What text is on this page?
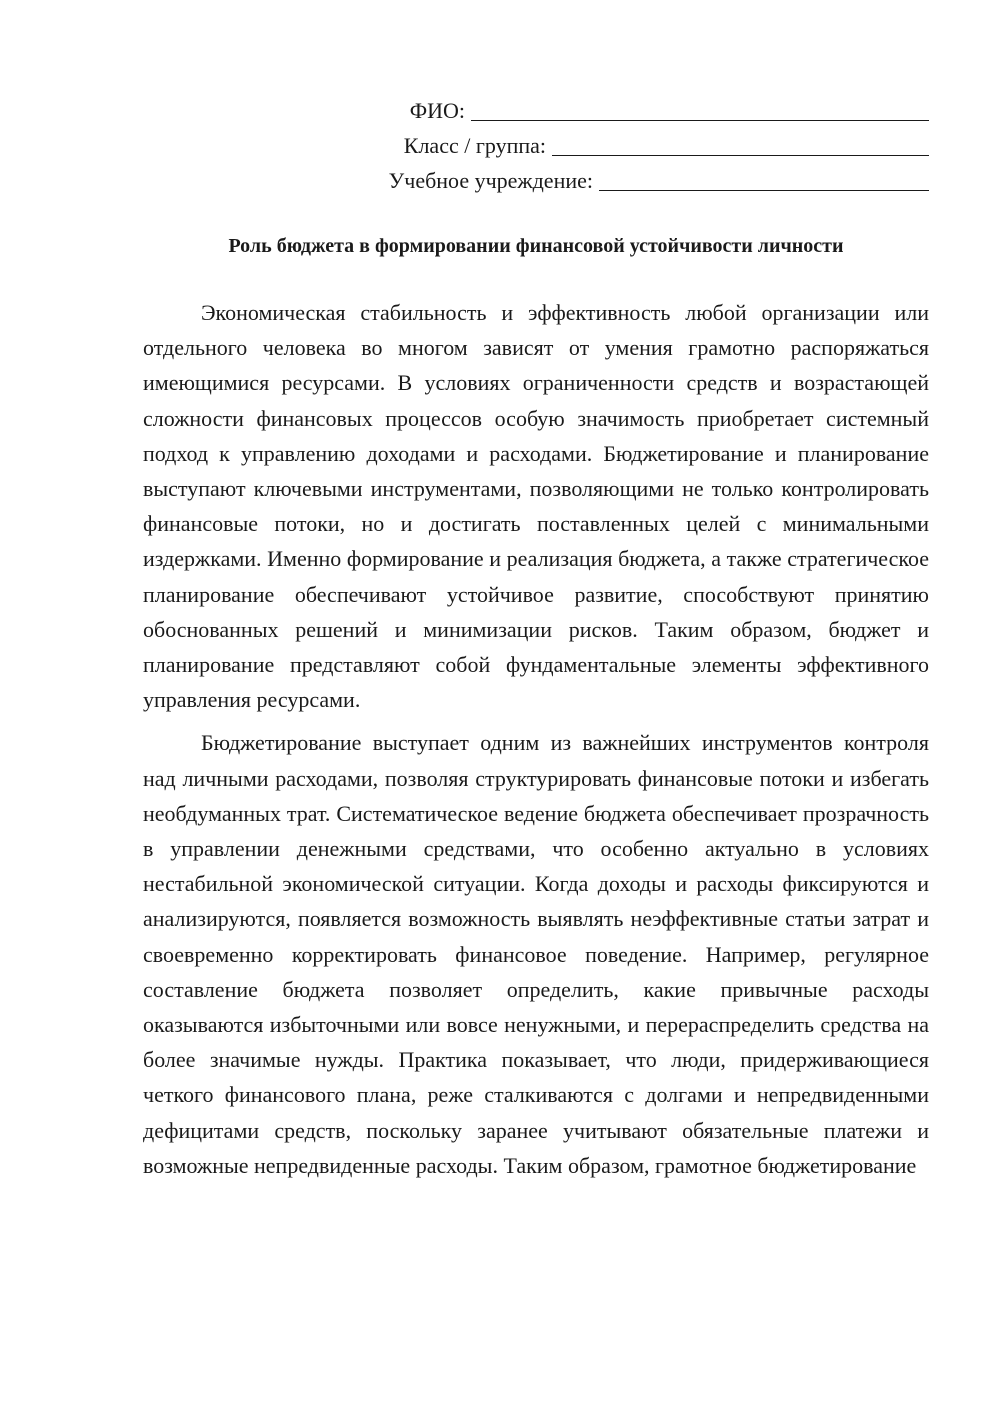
ФИО:
Класс / группа:
Учебное учреждение:
Роль бюджета в формировании финансовой устойчивости личности

Экономическая стабильность и эффективность любой организации или отдельного человека во многом зависят от умения грамотно распоряжаться имеющимися ресурсами. В условиях ограниченности средств и возрастающей сложности финансовых процессов особую значимость приобретает системный подход к управлению доходами и расходами. Бюджетирование и планирование выступают ключевыми инструментами, позволяющими не только контролировать финансовые потоки, но и достигать поставленных целей с минимальными издержками. Именно формирование и реализация бюджета, а также стратегическое планирование обеспечивают устойчивое развитие, способствуют принятию обоснованных решений и минимизации рисков. Таким образом, бюджет и планирование представляют собой фундаментальные элементы эффективного управления ресурсами.

Бюджетирование выступает одним из важнейших инструментов контроля над личными расходами, позволяя структурировать финансовые потоки и избегать необдуманных трат. Систематическое ведение бюджета обеспечивает прозрачность в управлении денежными средствами, что особенно актуально в условиях нестабильной экономической ситуации. Когда доходы и расходы фиксируются и анализируются, появляется возможность выявлять неэффективные статьи затрат и своевременно корректировать финансовое поведение. Например, регулярное составление бюджета позволяет определить, какие привычные расходы оказываются избыточными или вовсе ненужными, и перераспределить средства на более значимые нужды. Практика показывает, что люди, придерживающиеся четкого финансового плана, реже сталкиваются с долгами и непредвиденными дефицитами средств, поскольку заранее учитывают обязательные платежи и возможные непредвиденные расходы. Таким образом, грамотное бюджетирование
